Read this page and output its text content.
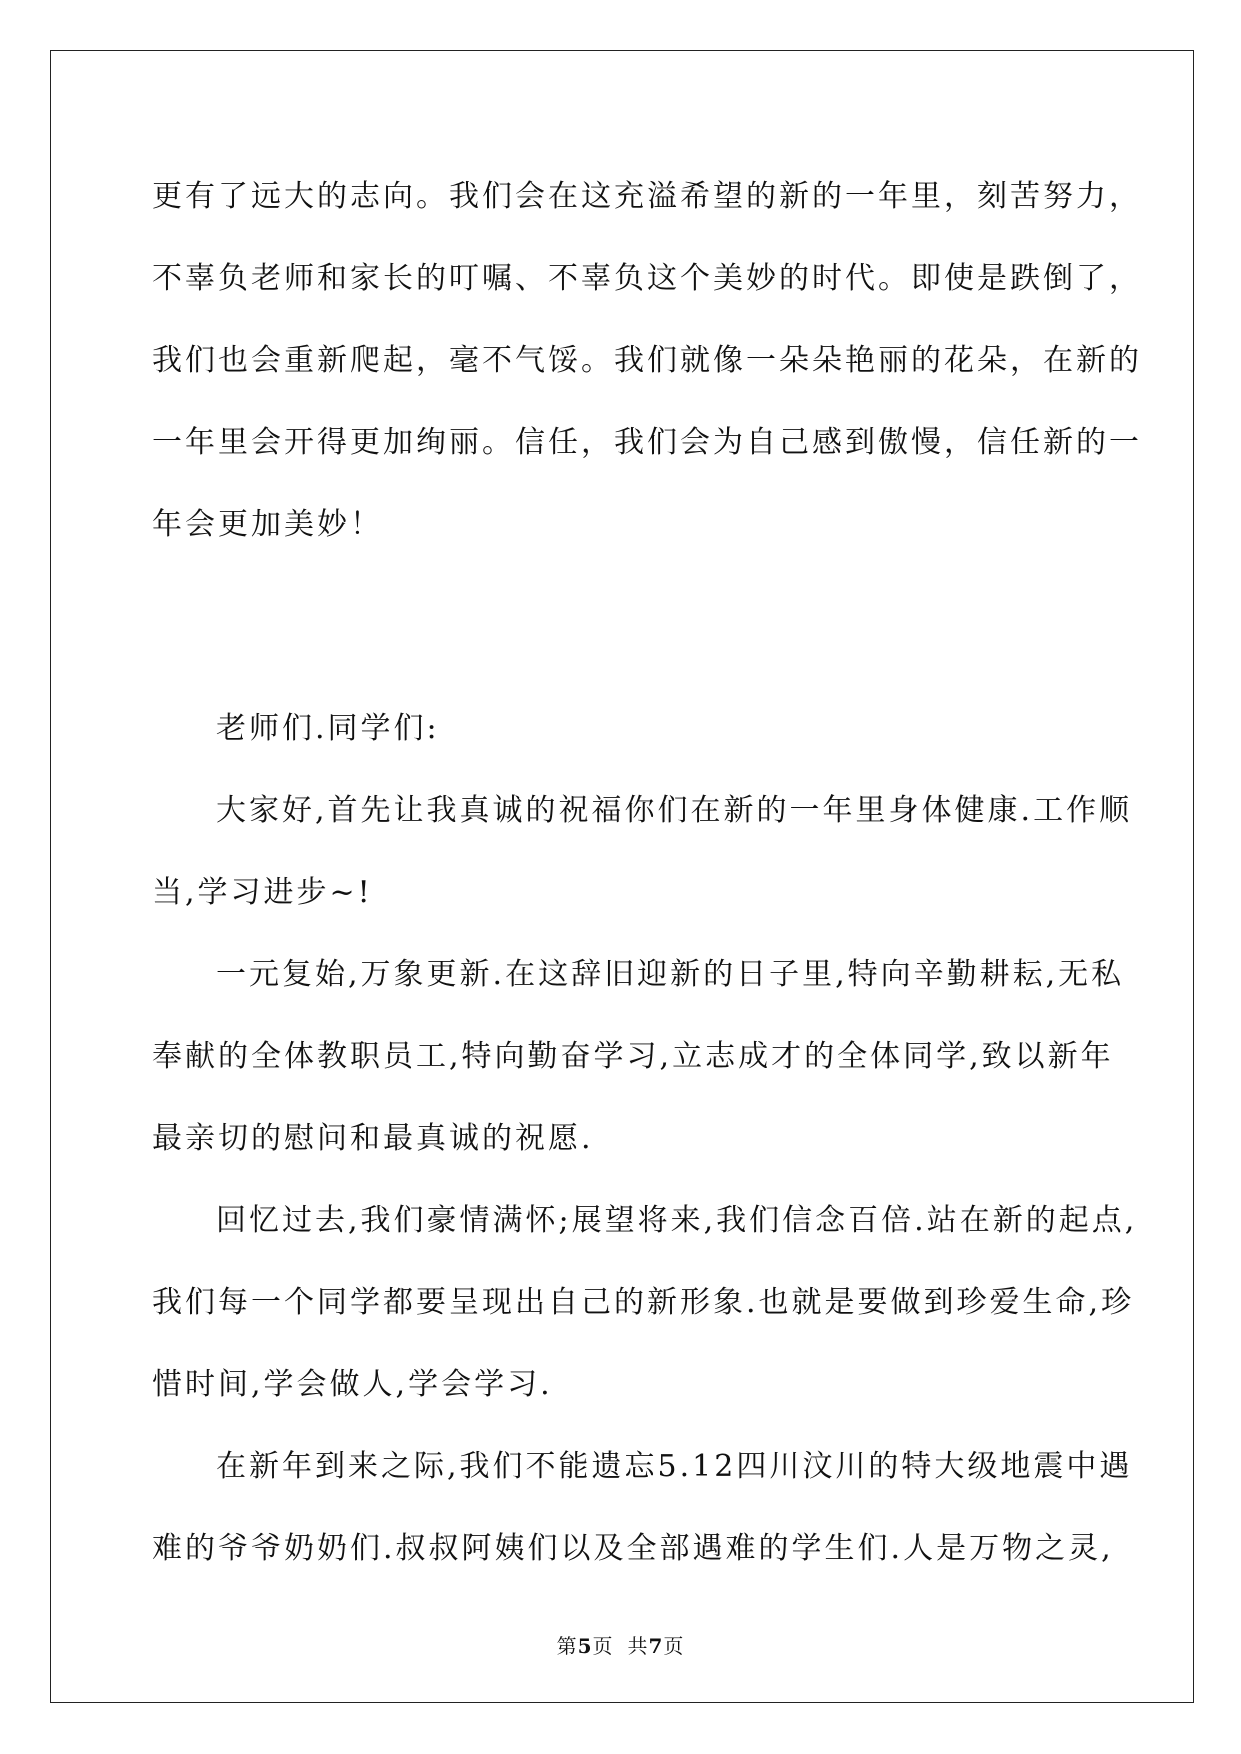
更有了远大的志向。我们会在这充溢希望的新的一年里，刻苦努力，
不辜负老师和家长的叮嘱、不辜负这个美妙的时代。即使是跌倒了，
我们也会重新爬起，毫不气馁。我们就像一朵朵艳丽的花朵，在新的
一年里会开得更加绚丽。信任，我们会为自己感到傲慢，信任新的一
年会更加美妙！
老师们.同学们:
大家好,首先让我真诚的祝福你们在新的一年里身体健康.工作顺
当,学习进步~!
一元复始,万象更新.在这辞旧迎新的日子里,特向辛勤耕耘,无私
奉献的全体教职员工,特向勤奋学习,立志成才的全体同学,致以新年
最亲切的慰问和最真诚的祝愿.
回忆过去,我们豪情满怀;展望将来,我们信念百倍.站在新的起点,
我们每一个同学都要呈现出自己的新形象.也就是要做到珍爱生命,珍
惜时间,学会做人,学会学习.
在新年到来之际,我们不能遗忘5.12四川汶川的特大级地震中遇
难的爷爷奶奶们.叔叔阿姨们以及全部遇难的学生们.人是万物之灵,
第5页 共7页
